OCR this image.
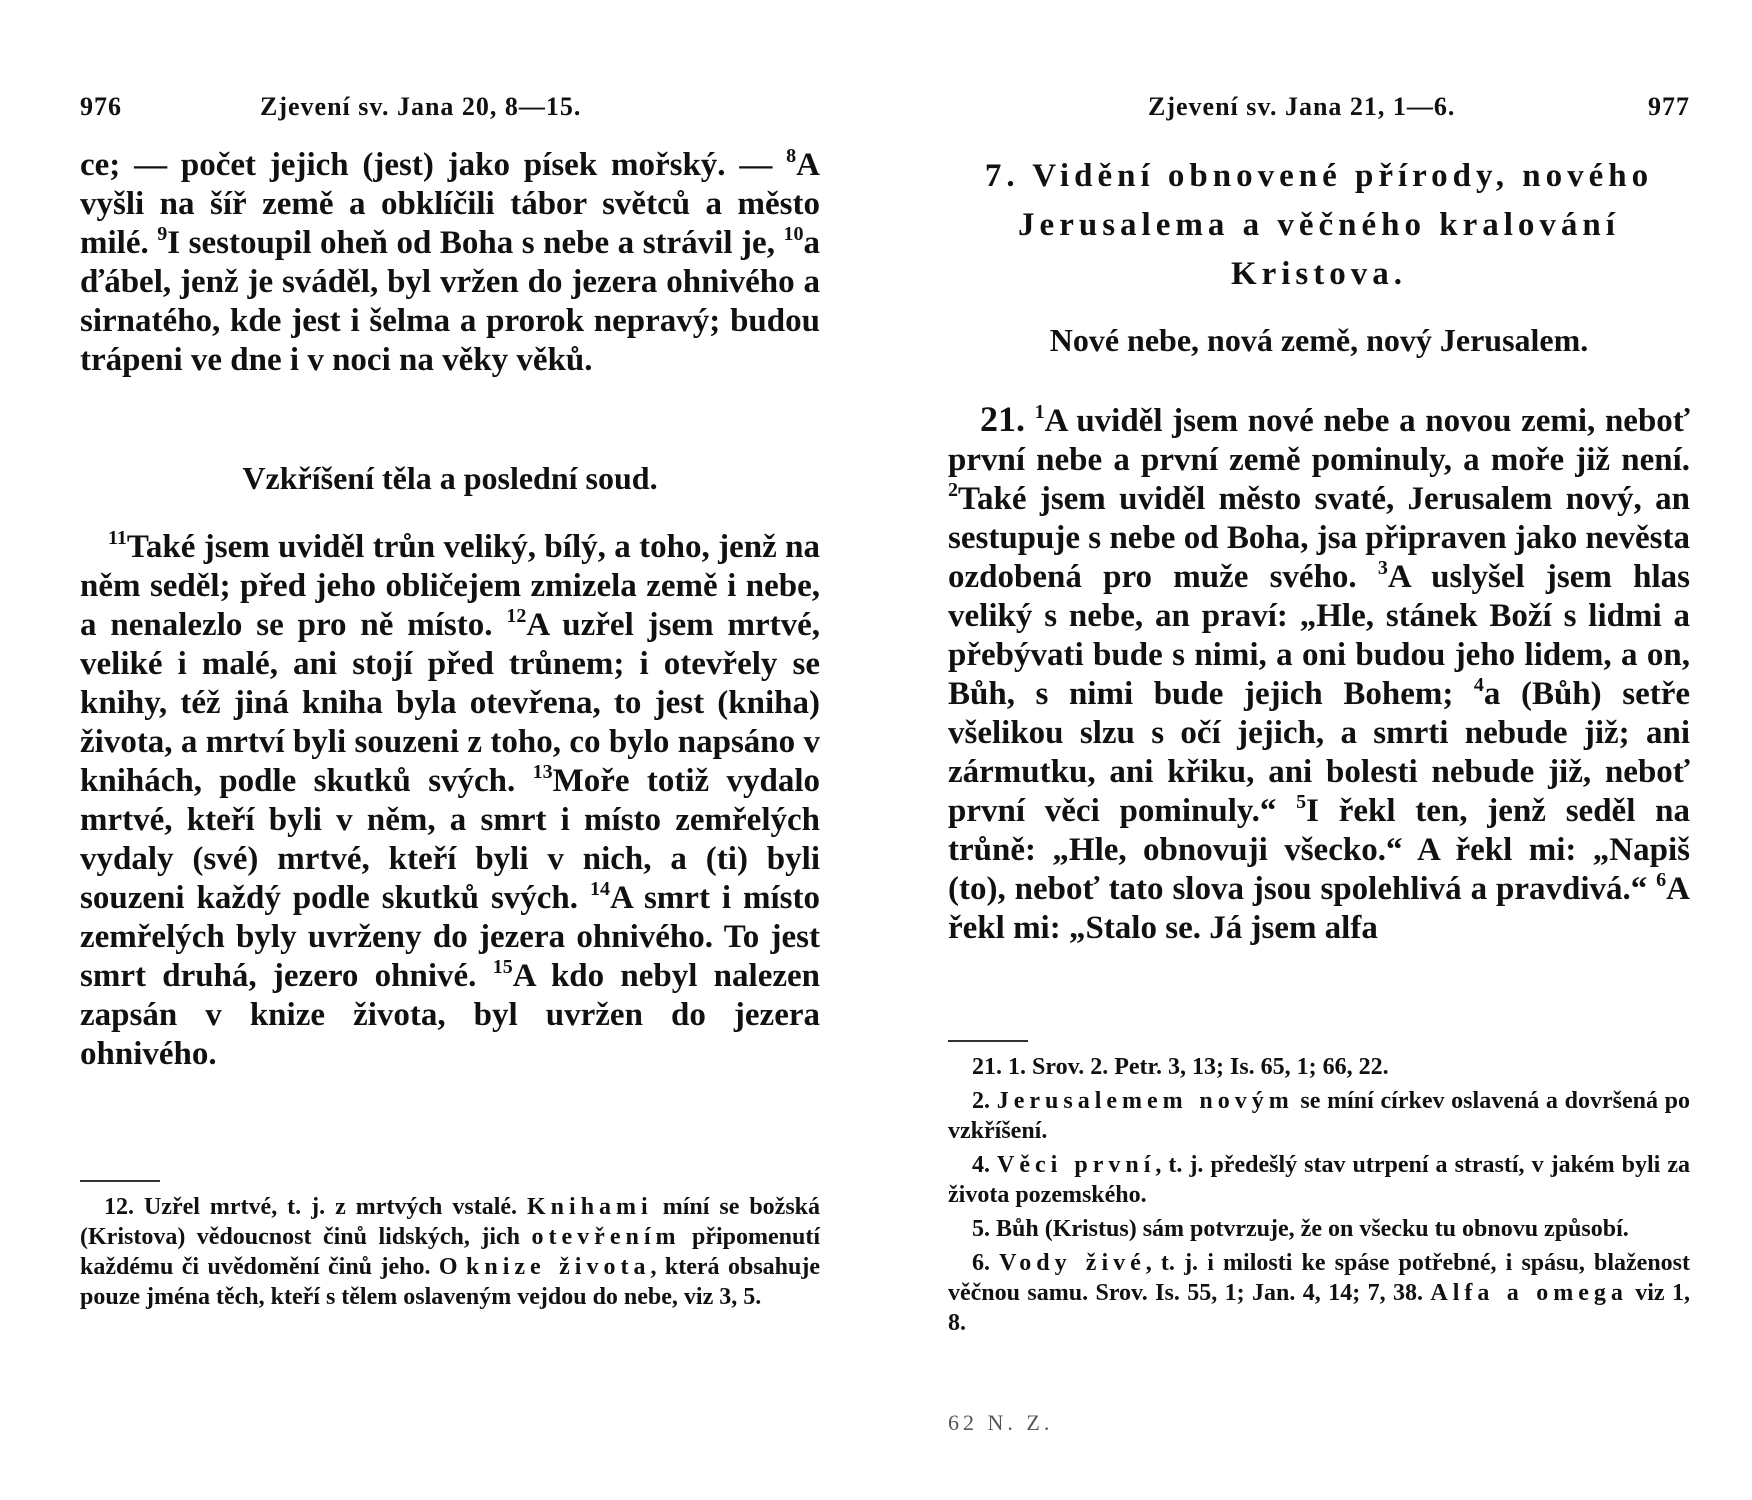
976	Zjevení sv. Jana 20, 8—15.

ce; — počet jejich (jest) jako písek mořský. — $^8$A vyšli na šíř země a obklíčili tábor světců a město milé. $^9$I sestoupil oheň od Boha s nebe a strávil je, $^{10}$a ďábel, jenž je sváděl, byl vržen do jezera ohnivého a sirnatého, kde jest i šelma a prorok nepravý; budou trápeni ve dne i v noci na věky věků.

Vzkříšení těla a poslední soud.

$^{11}$Také jsem uviděl trůn veliký, bílý, a toho, jenž na něm seděl; před jeho obličejem zmizela země i nebe, a nenalezlo se pro ně místo. $^{12}$A uzřel jsem mrtvé, veliké i malé, ani stojí před trůnem; i otevřely se knihy, též jiná kniha byla otevřena, to jest (kniha) života, a mrtví byli souzeni z toho, co bylo napsáno v knihách, podle skutků svých. $^{13}$Moře totiž vydalo mrtvé, kteří byli v něm, a smrt i místo zemřelých vydaly (své) mrtvé, kteří byli v nich, a (ti) byli souzeni každý podle skutků svých. $^{14}$A smrt i místo zemřelých byly uvrženy do jezera ohnivého. To jest smrt druhá, jezero ohnivé. $^{15}$A kdo nebyl nalezen zapsán v knize života, byl uvržen do jezera ohnivého.

12. Uzřel mrtvé, t. j. z mrtvých vstalé. Knihami míní se božská (Kristova) vědoucnost činů lidských, jich otevřením připomenutí každému či uvědomění činů jeho. O knize života, která obsahuje pouze jména těch, kteří s tělem oslaveným vejdou do nebe, viz 3, 5.

Zjevení sv. Jana 21, 1—6.	977
7. Vidění obnovené přírody, nového Jerusalema a věčného kralování Kristova.
Nové nebe, nová země, nový Jerusalem.

21. $^1$A uviděl jsem nové nebe a novou zemi, neboť první nebe a první země pominuly, a moře již není. $^2$Také jsem uviděl město svaté, Jerusalem nový, an sestupuje s nebe od Boha, jsa připraven jako nevěsta ozdobená pro muže svého. $^3$A uslyšel jsem hlas veliký s nebe, an praví: „Hle, stánek Boží s lidmi a přebývati bude s nimi, a oni budou jeho lidem, a on, Bůh, s nimi bude jejich Bohem; $^4$a (Bůh) setře všelikou slzu s očí jejich, a smrti nebude již; ani zármutku, ani křiku, ani bolesti nebude již, neboť první věci pominuly.“ $^5$I řekl ten, jenž seděl na trůně: „Hle, obnovuji všecko.“ A řekl mi: „Napiš (to), neboť tato slova jsou spolehlivá a pravdivá.“ $^6$A řekl mi: „Stalo se. Já jsem alfa

21. 1. Srov. 2. Petr. 3, 13; Is. 65, 1; 66, 22.

2. Jerusalemem novým se míní církev oslavená a dovršená po vzkříšení.

4. Věci první, t. j. předešlý stav utrpení a strastí, v jakém byli za života pozemského.

5. Bůh (Kristus) sám potvrzuje, že on všecku tu obnovu způsobí.

6. Vody živé, t. j. i milosti ke spáse potřebné, i spásu, blaženost věčnou samu. Srov. Is. 55, 1; Jan. 4, 14; 7, 38. Alfa a omega viz 1, 8.

62 N. Z.
